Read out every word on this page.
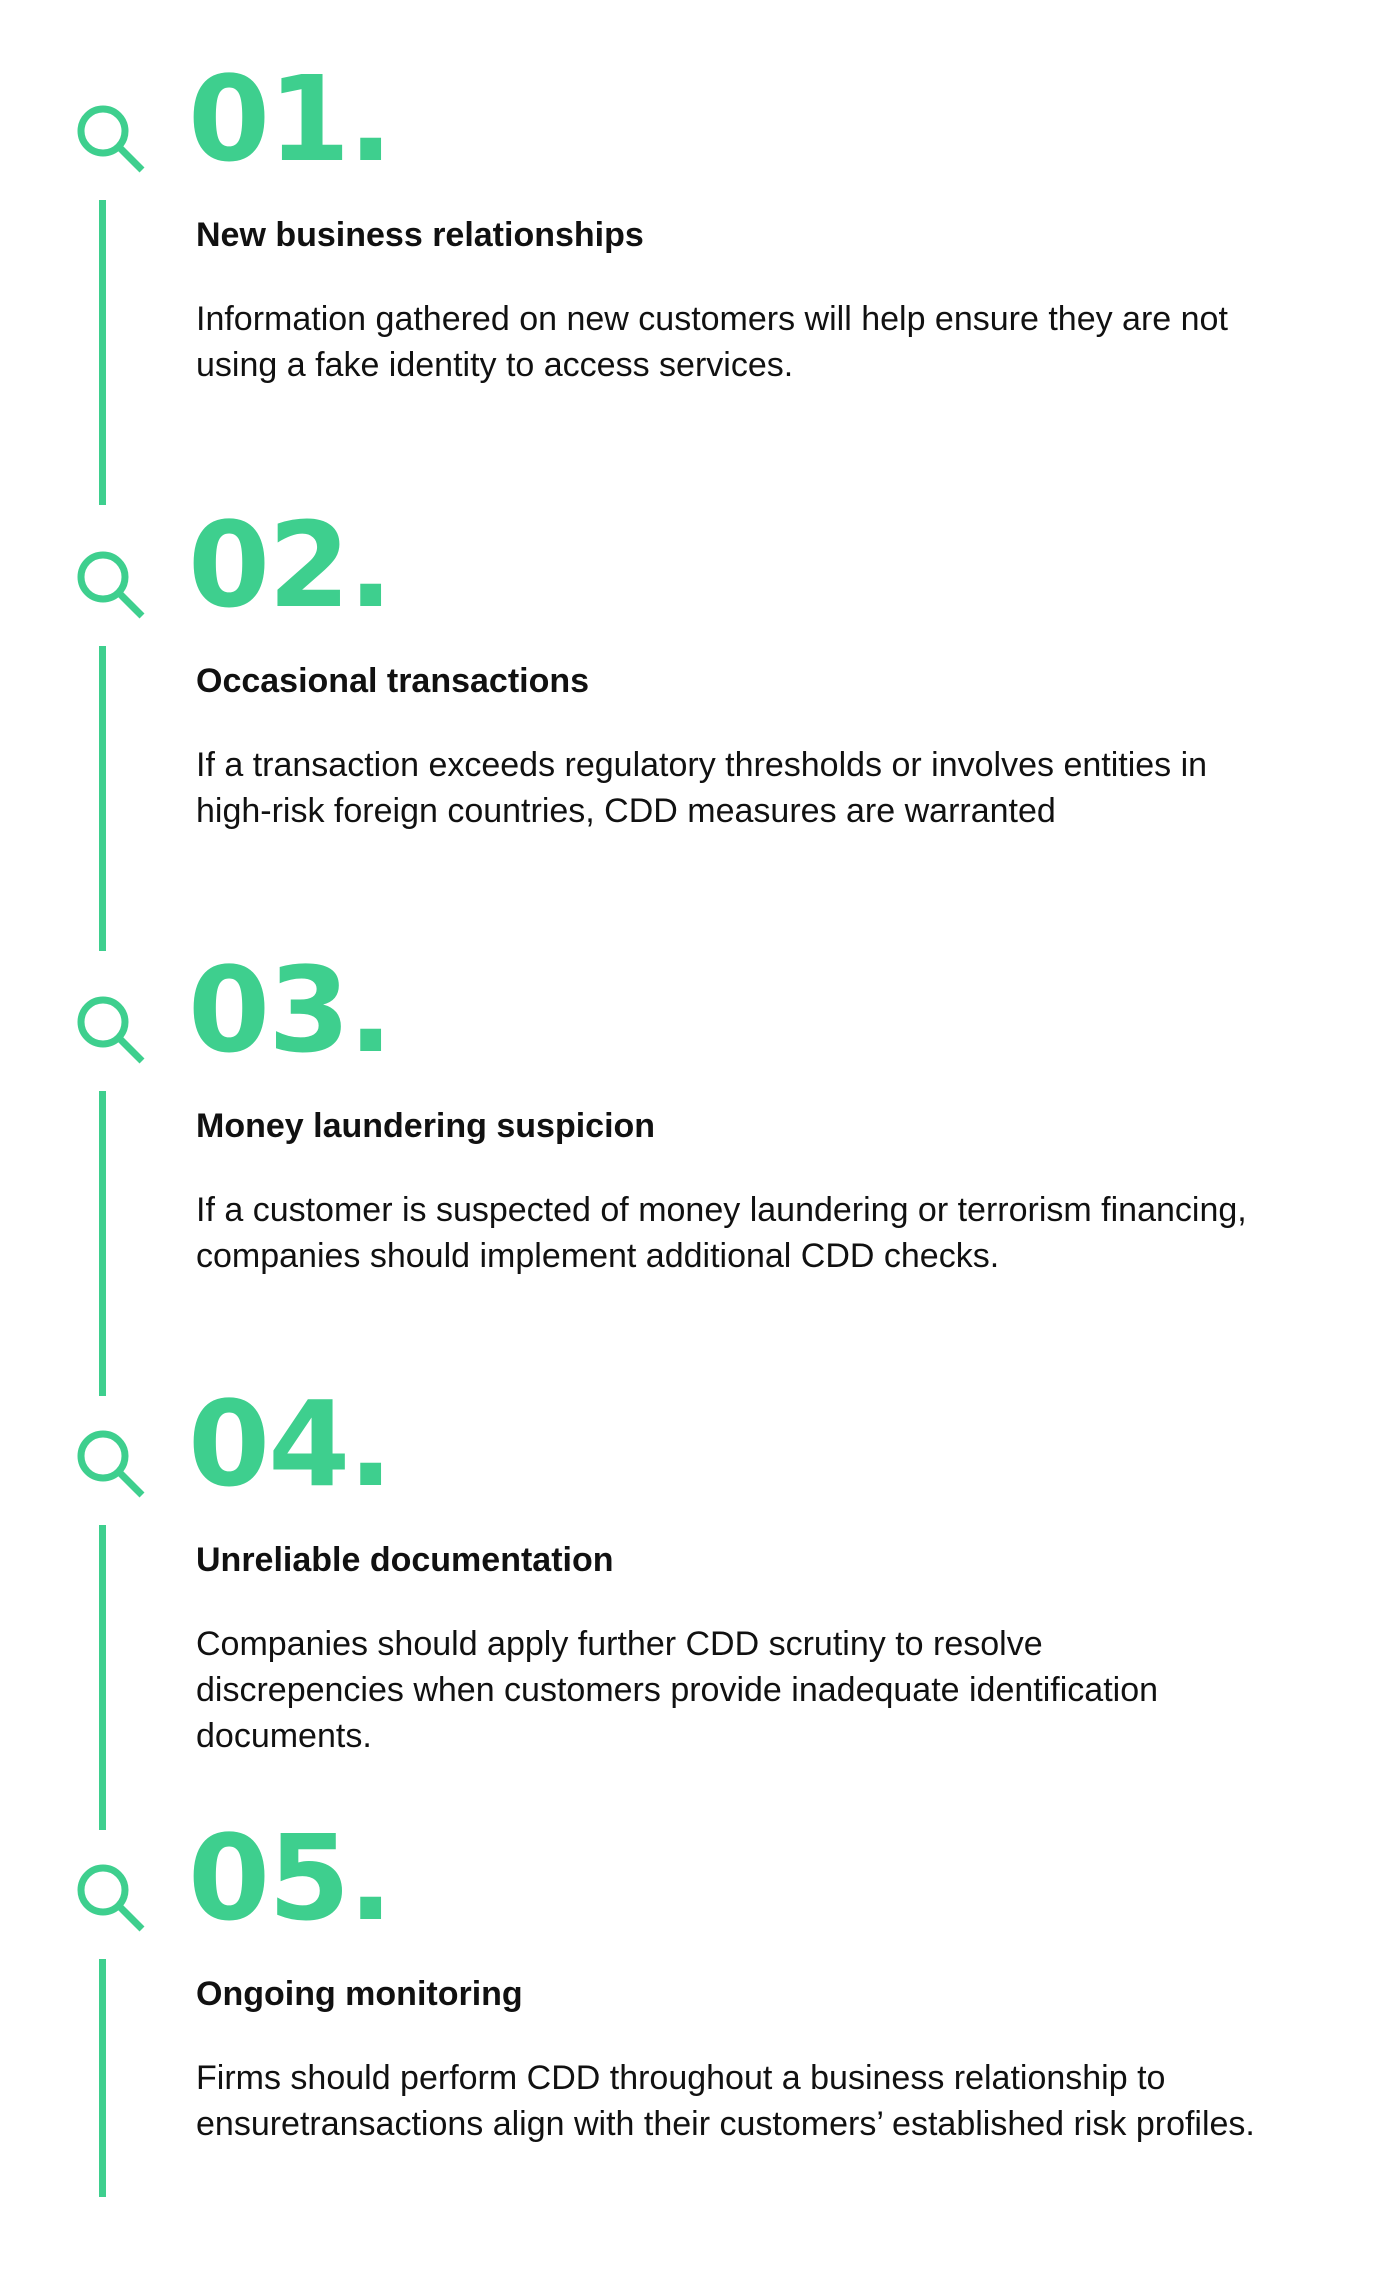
01.
New business relationships

Information gathered on new customers will help ensure they are not using a fake identity to access services.

02.
Occasional transactions

If a transaction exceeds regulatory thresholds or involves entities in high-risk foreign countries, CDD measures are warranted

03.
Money laundering suspicion

If a customer is suspected of money laundering or terrorism financing, companies should implement additional CDD checks.

04.
Unreliable documentation

Companies should apply further CDD scrutiny to resolve discrepencies when customers provide inadequate identification documents.

05.
Ongoing monitoring

Firms should perform CDD throughout a business relationship to ensuretransactions align with their customers’ established risk profiles.
